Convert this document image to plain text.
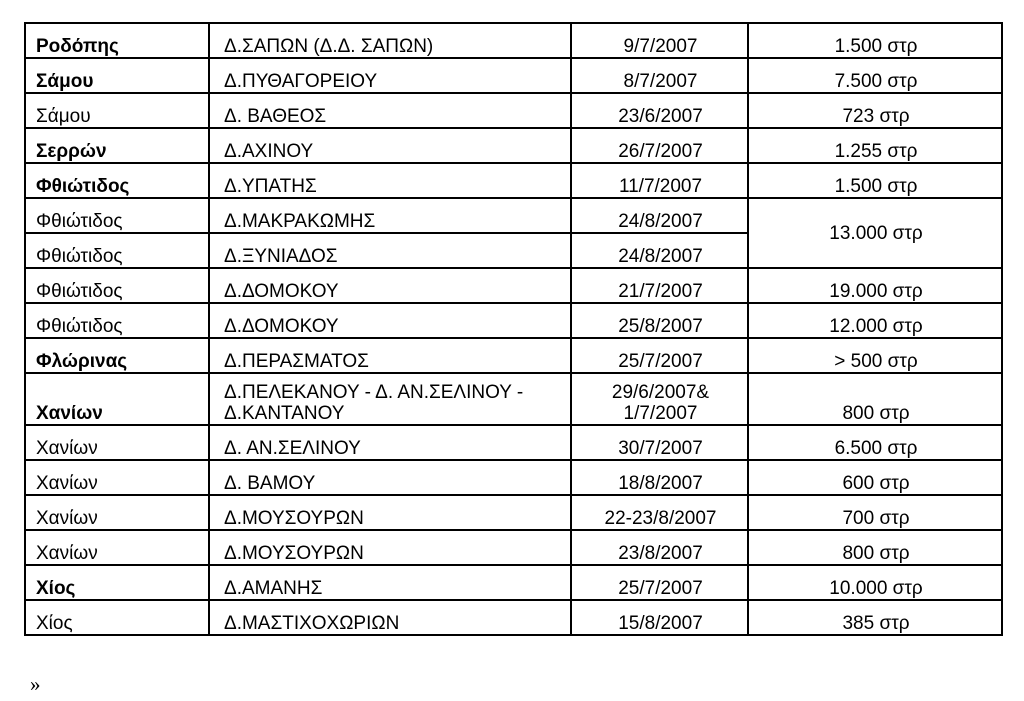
Ροδόπης	Δ.ΣΑΠΩΝ (Δ.Δ. ΣΑΠΩΝ)	9/7/2007	1.500 στρ
Σάμου	Δ.ΠΥΘΑΓΟΡΕΙΟΥ	8/7/2007	7.500 στρ
Σάμου	Δ. ΒΑΘΕΟΣ	23/6/2007	723 στρ
Σερρών	Δ.ΑΧΙΝΟΥ	26/7/2007	1.255 στρ
Φθιώτιδος	Δ.ΥΠΑΤΗΣ	11/7/2007	1.500 στρ
Φθιώτιδος	Δ.ΜΑΚΡΑΚΩΜΗΣ	24/8/2007	13.000 στρ
Φθιώτιδος	Δ.ΞΥΝΙΑΔΟΣ	24/8/2007	
Φθιώτιδος	Δ.ΔΟΜΟΚΟΥ	21/7/2007	19.000 στρ
Φθιώτιδος	Δ.ΔΟΜΟΚΟΥ	25/8/2007	12.000 στρ
Φλώρινας	Δ.ΠΕΡΑΣΜΑΤΟΣ	25/7/2007	> 500 στρ
Χανίων	Δ.ΠΕΛΕΚΑΝΟΥ - Δ. ΑΝ.ΣΕΛΙΝΟΥ - Δ.ΚΑΝΤΑΝΟΥ	29/6/2007& 1/7/2007	800 στρ
Χανίων	Δ. ΑΝ.ΣΕΛΙΝΟΥ	30/7/2007	6.500 στρ
Χανίων	Δ. ΒΑΜΟΥ	18/8/2007	600 στρ
Χανίων	Δ.ΜΟΥΣΟΥΡΩΝ	22-23/8/2007	700 στρ
Χανίων	Δ.ΜΟΥΣΟΥΡΩΝ	23/8/2007	800 στρ
Χίος	Δ.ΑΜΑΝΗΣ	25/7/2007	10.000 στρ
Χίος	Δ.ΜΑΣΤΙΧΟΧΩΡΙΩΝ	15/8/2007	385 στρ
»
